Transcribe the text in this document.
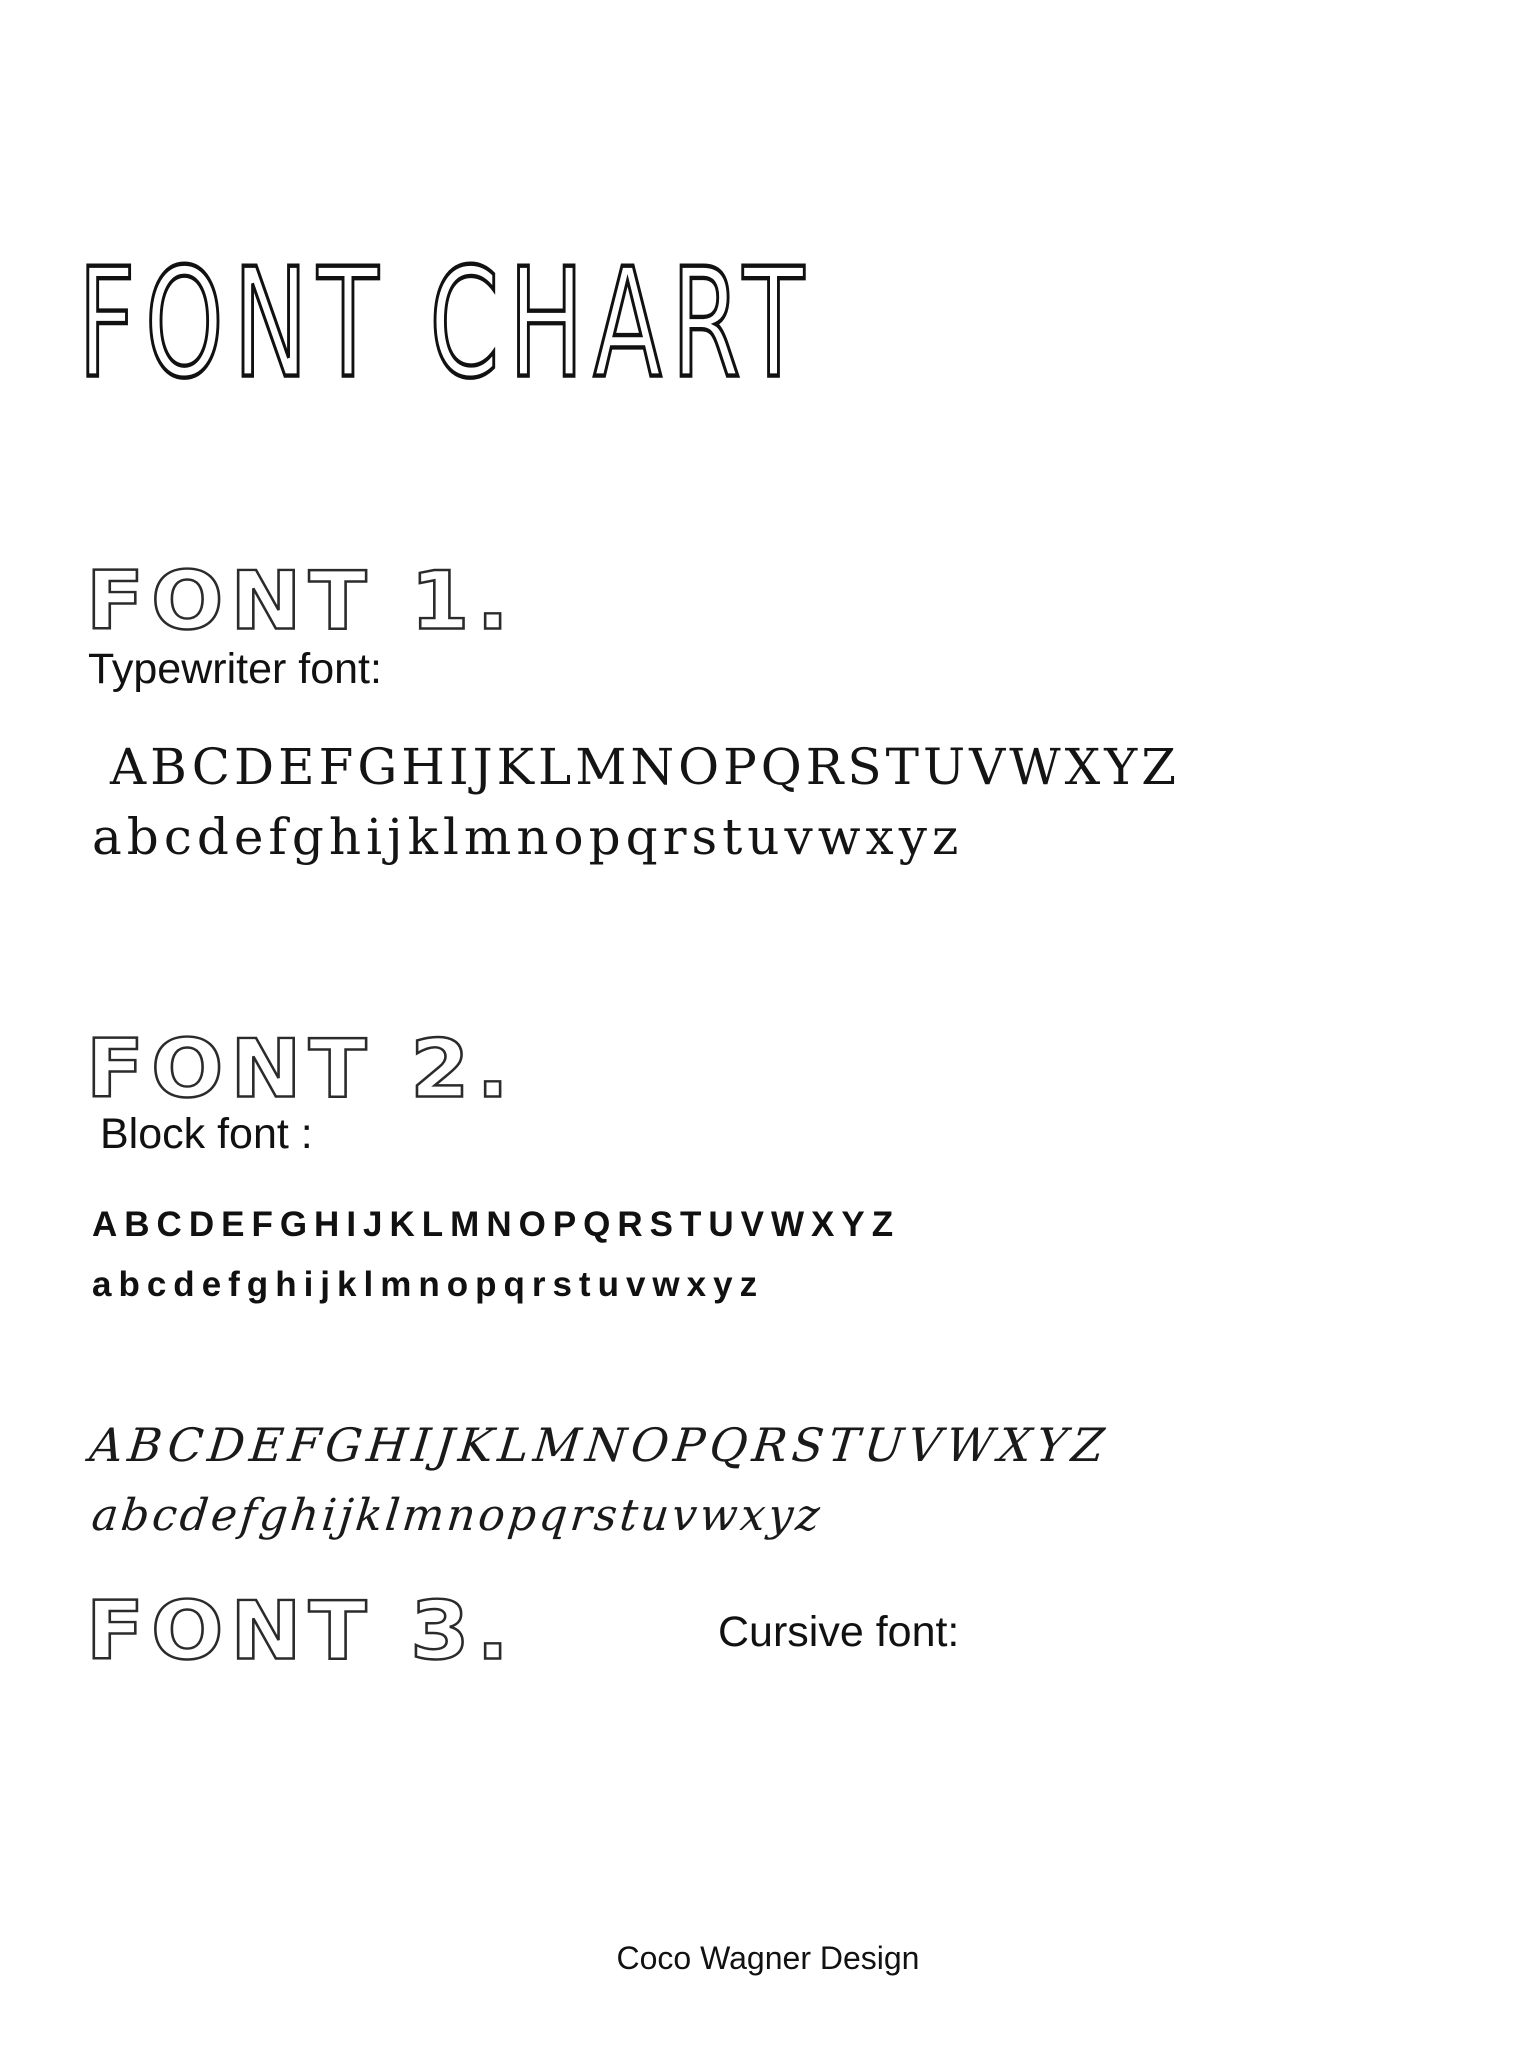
FONT CHART
FONT 1.
Typewriter font:
ABCDEFGHIJKLMNOPQRSTUVWXYZ
abcdefghijklmnopqrstuvwxyz
FONT 2.
Block font :
ABCDEFGHIJKLMNOPQRSTUVWXYZ
abcdefghijklmnopqrstuvwxyz
ABCDEFGHIJKLMNOPQRSTUVWXYZ
abcdefghijklmnopqrstuvwxyz
FONT 3.	Cursive font:
Coco Wagner Design
